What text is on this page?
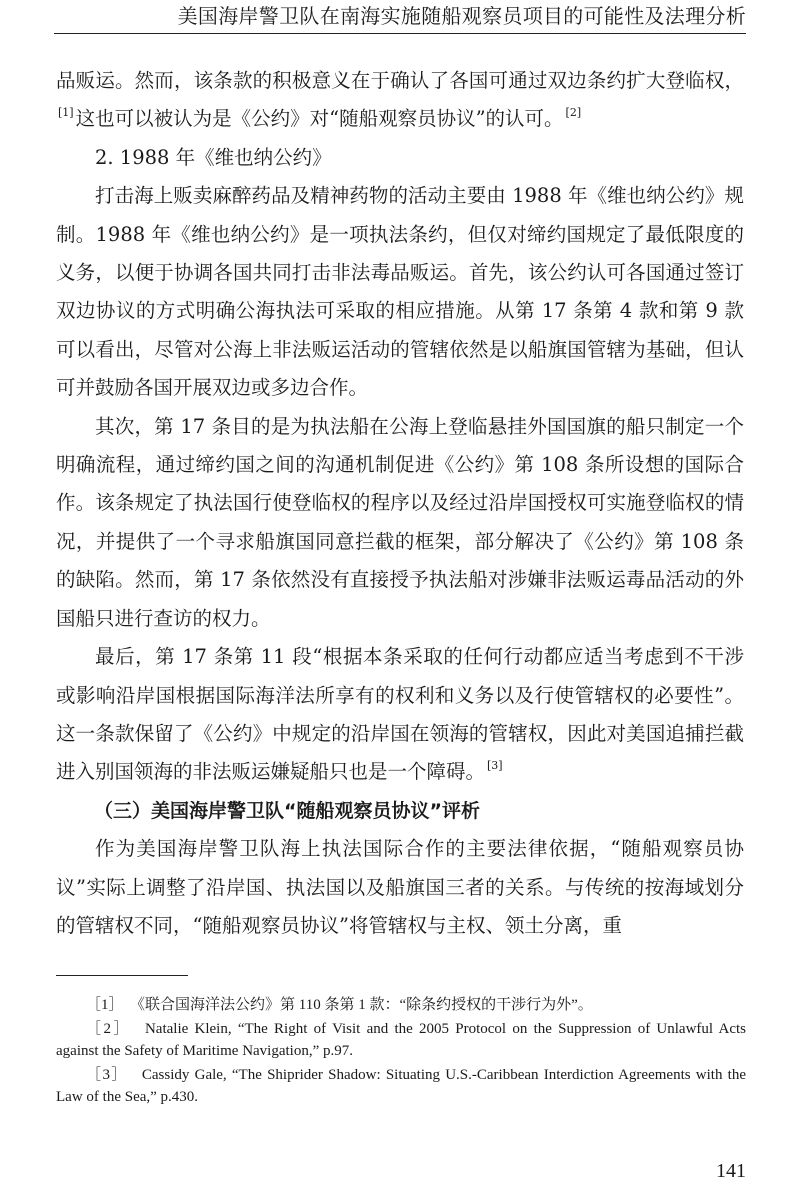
美国海岸警卫队在南海实施随船观察员项目的可能性及法理分析

品贩运。然而，该条款的积极意义在于确认了各国可通过双边条约扩大登临权，[1] 这也可以被认为是《公约》对“随船观察员协议”的认可。 [2]

2. 1988 年《维也纳公约》

打击海上贩卖麻醉药品及精神药物的活动主要由 1988 年《维也纳公约》规制。1988 年《维也纳公约》是一项执法条约，但仅对缔约国规定了最低限度的义务，以便于协调各国共同打击非法毒品贩运。首先，该公约认可各国通过签订双边协议的方式明确公海执法可采取的相应措施。从第 17 条第 4 款和第 9 款可以看出，尽管对公海上非法贩运活动的管辖依然是以船旗国管辖为基础，但认可并鼓励各国开展双边或多边合作。

其次，第 17 条目的是为执法船在公海上登临悬挂外国国旗的船只制定一个明确流程，通过缔约国之间的沟通机制促进《公约》第 108 条所设想的国际合作。该条规定了执法国行使登临权的程序以及经过沿岸国授权可实施登临权的情况，并提供了一个寻求船旗国同意拦截的框架，部分解决了《公约》第 108 条的缺陷。然而，第 17 条依然没有直接授予执法船对涉嫌非法贩运毒品活动的外国船只进行查访的权力。

最后，第 17 条第 11 段“根据本条采取的任何行动都应适当考虑到不干涉或影响沿岸国根据国际海洋法所享有的权利和义务以及行使管辖权的必要性”。这一条款保留了《公约》中规定的沿岸国在领海的管辖权，因此对美国追捕拦截进入别国领海的非法贩运嫌疑船只也是一个障碍。 [3]

（三）美国海岸警卫队“随船观察员协议”评析

作为美国海岸警卫队海上执法国际合作的主要法律依据，“随船观察员协议”实际上调整了沿岸国、执法国以及船旗国三者的关系。与传统的按海域划分的管辖权不同，“随船观察员协议”将管辖权与主权、领土分离，重

［1］ 《联合国海洋法公约》第 110 条第 1 款：“除条约授权的干涉行为外”。

［2］ Natalie Klein, “The Right of Visit and the 2005 Protocol on the Suppression of Unlawful Acts against the Safety of Maritime Navigation,” p.97.

［3］ Cassidy Gale, “The Shiprider Shadow: Situating U.S.-Caribbean Interdiction Agreements with the Law of the Sea,” p.430.

141
